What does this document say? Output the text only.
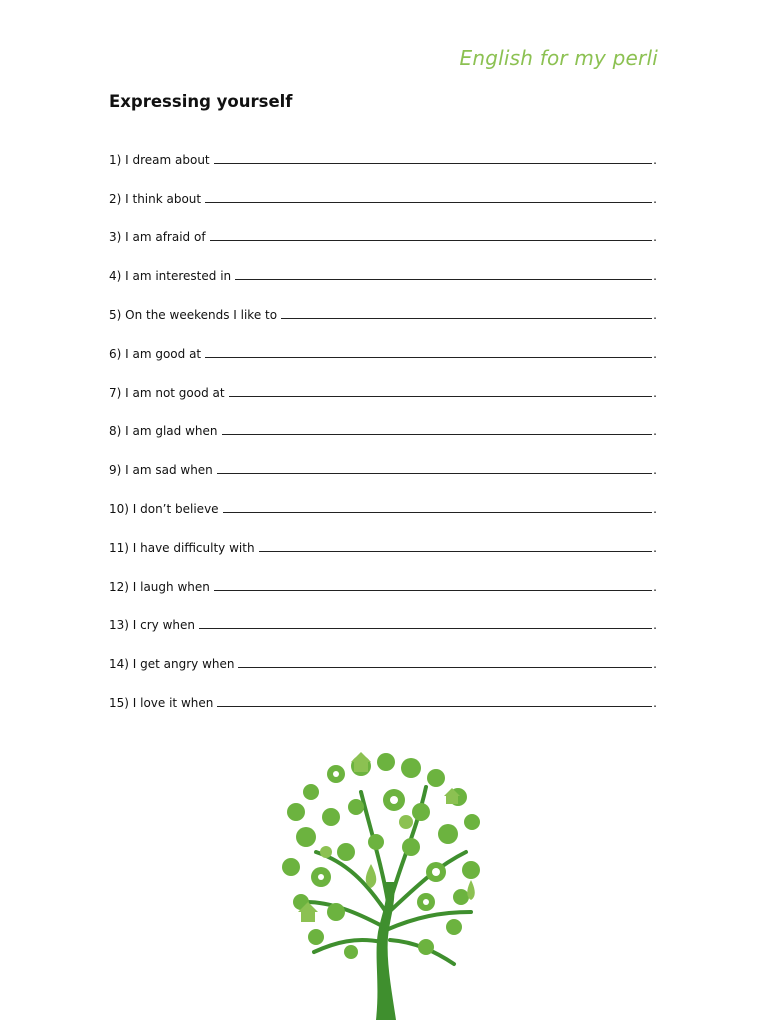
English for my perli
Expressing yourself
1) I dream about	.
2) I think about	.
3) I am afraid of	.
4) I am interested in	.
5) On the weekends I like to	.
6) I am good at	.
7) I am not good at	.
8) I am glad when	.
9) I am sad when	.
10) I don’t believe	.
11) I have difficulty with	.
12) I laugh when	.
13) I cry when	.
14) I get angry when	.
15) I love it when	.
